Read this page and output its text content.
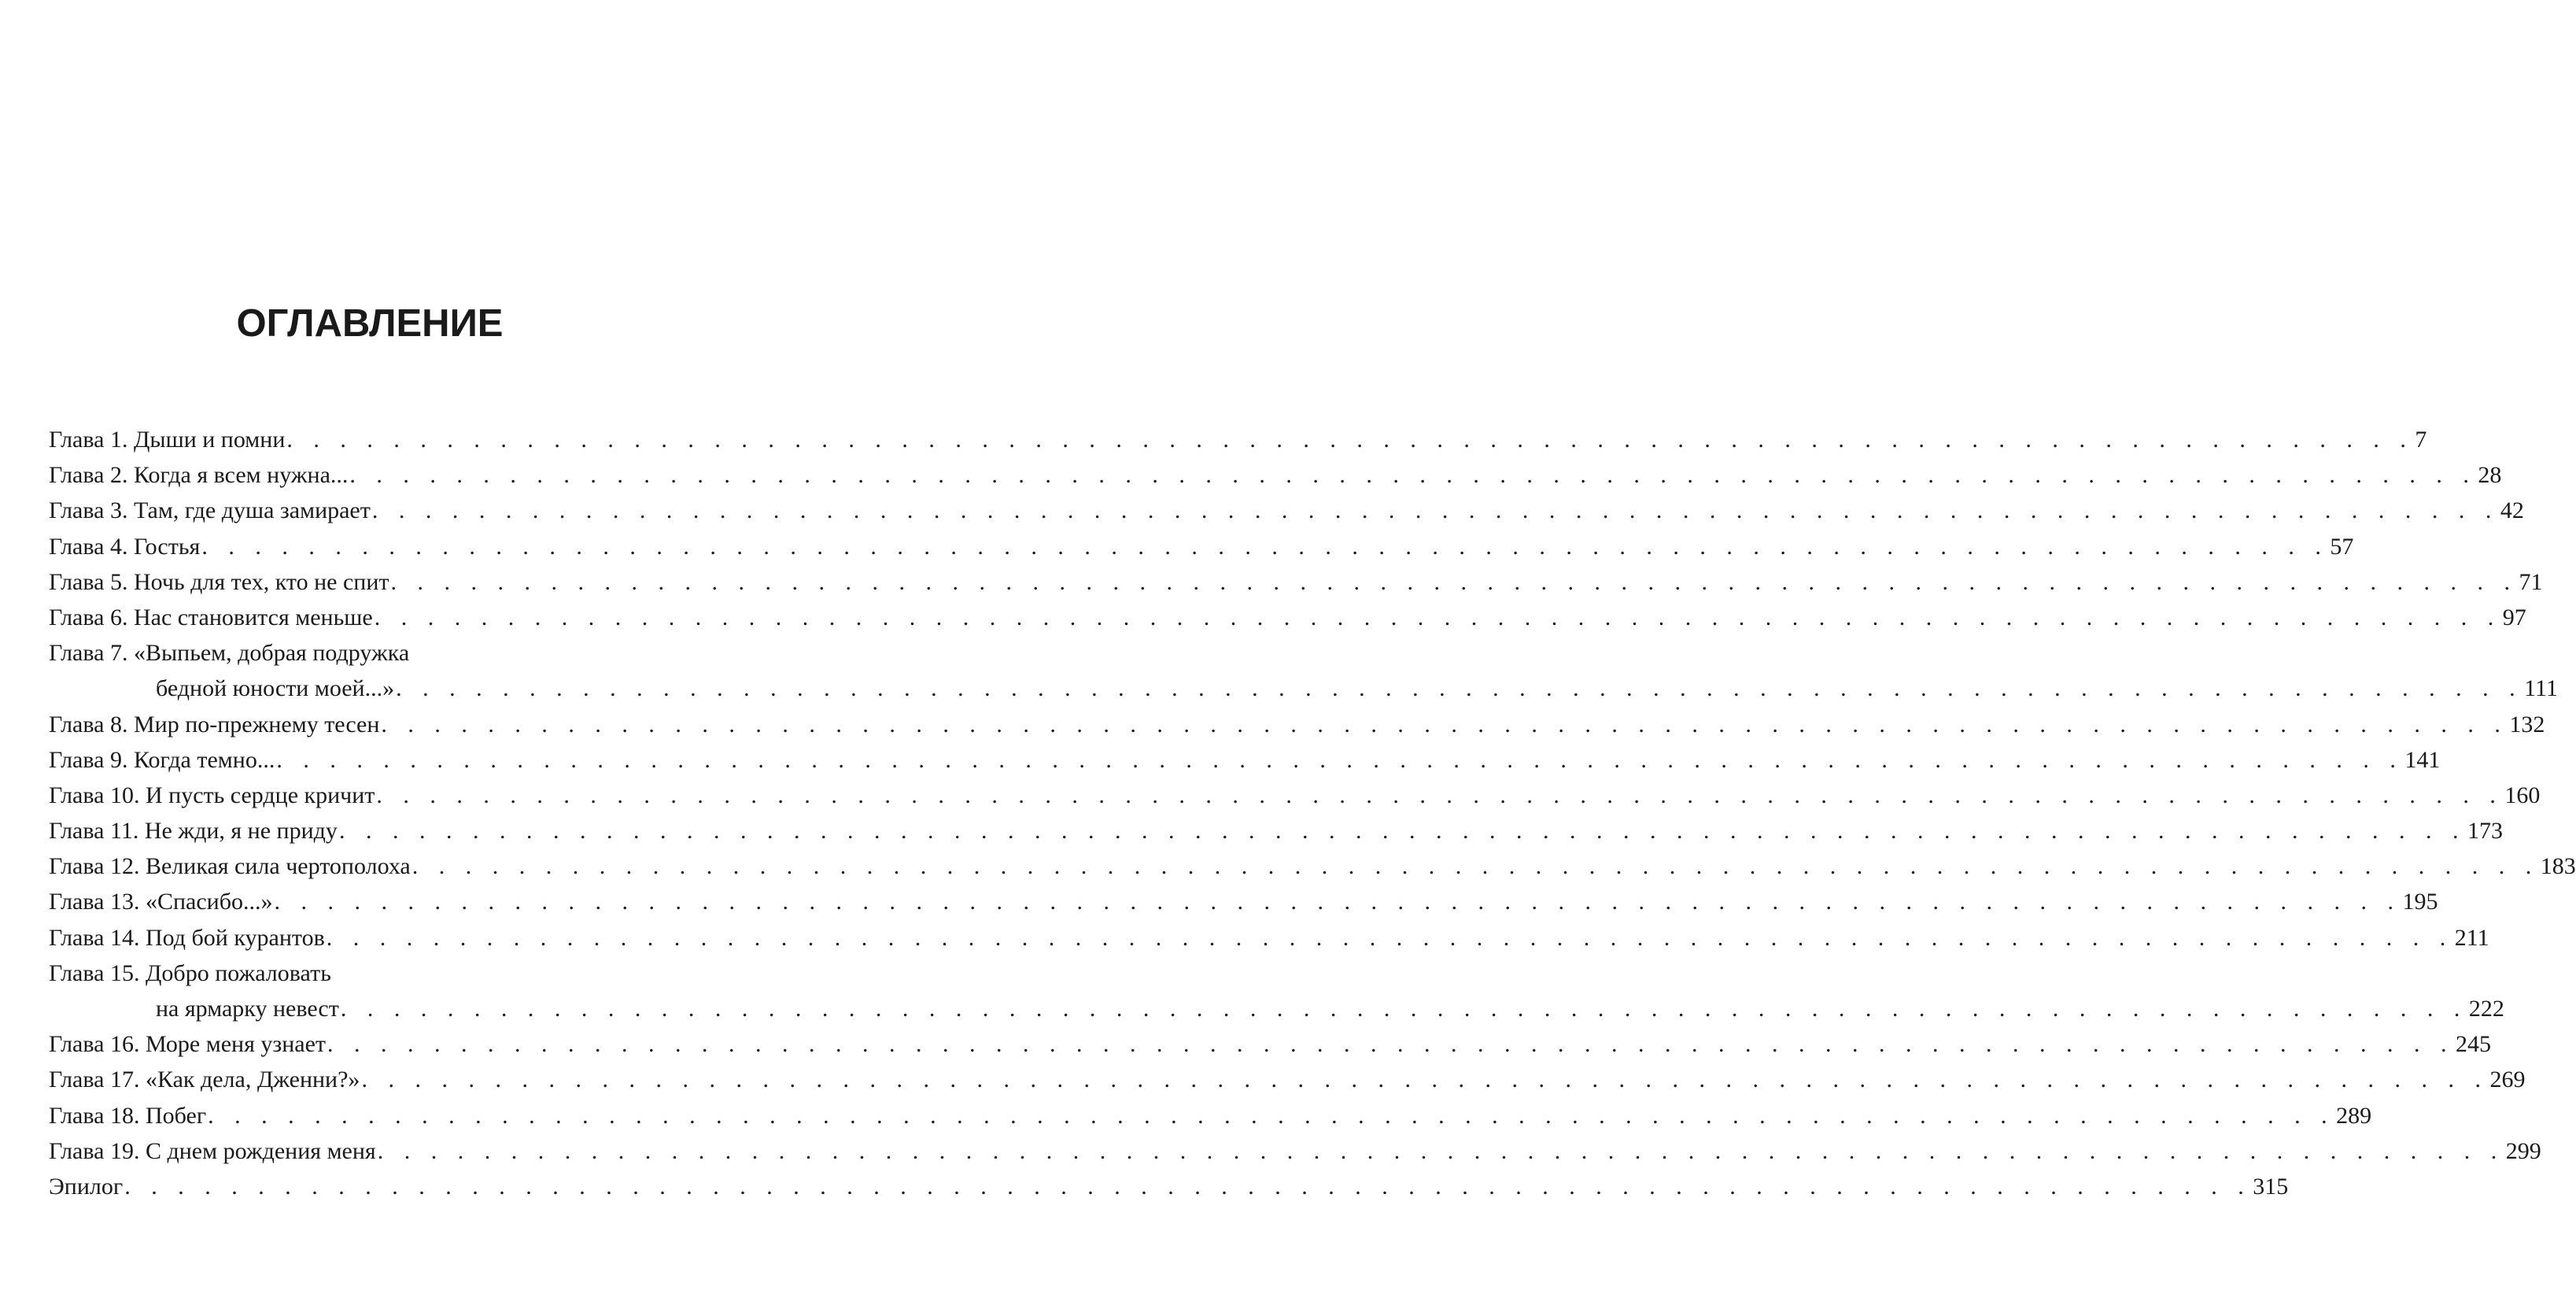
ОГЛАВЛЕНИЕ
Глава 1. Дыши и помни . . . . . . . . . . . . . . . . . . . . . . . . . . . . . . . . . . . . . . . . . . . . . . . . . . . . . . . . . . . . . . . . . . . . . . . . . . . . . . . . 7
Глава 2. Когда я всем нужна... . . . . . . . . . . . . . . . . . . . . . . . . . . . . . . . . . . . . . . . . . . . . . . . . . . . . . . . . . . . . . . . . . . . . . . . . . . . . . . . . 28
Глава 3. Там, где душа замирает . . . . . . . . . . . . . . . . . . . . . . . . . . . . . . . . . . . . . . . . . . . . . . . . . . . . . . . . . . . . . . . . . . . . . . . . . . . . . . . . 42
Глава 4. Гостья . . . . . . . . . . . . . . . . . . . . . . . . . . . . . . . . . . . . . . . . . . . . . . . . . . . . . . . . . . . . . . . . . . . . . . . . . . . . . . . . 57
Глава 5. Ночь для тех, кто не спит . . . . . . . . . . . . . . . . . . . . . . . . . . . . . . . . . . . . . . . . . . . . . . . . . . . . . . . . . . . . . . . . . . . . . . . . . . . . . . . . 71
Глава 6. Нас становится меньше . . . . . . . . . . . . . . . . . . . . . . . . . . . . . . . . . . . . . . . . . . . . . . . . . . . . . . . . . . . . . . . . . . . . . . . . . . . . . . . . 97
Глава 7. «Выпьем, добрая подружка
бедной юности моей...» . . . . . . . . . . . . . . . . . . . . . . . . . . . . . . . . . . . . . . . . . . . . . . . . . . . . . . . . . . . . . . . . . . . . . . . . . . . . . . . . 111
Глава 8. Мир по-прежнему тесен . . . . . . . . . . . . . . . . . . . . . . . . . . . . . . . . . . . . . . . . . . . . . . . . . . . . . . . . . . . . . . . . . . . . . . . . . . . . . . . . 132
Глава 9. Когда темно... . . . . . . . . . . . . . . . . . . . . . . . . . . . . . . . . . . . . . . . . . . . . . . . . . . . . . . . . . . . . . . . . . . . . . . . . . . . . . . . . 141
Глава 10. И пусть сердце кричит . . . . . . . . . . . . . . . . . . . . . . . . . . . . . . . . . . . . . . . . . . . . . . . . . . . . . . . . . . . . . . . . . . . . . . . . . . . . . . . . 160
Глава 11. Не жди, я не приду . . . . . . . . . . . . . . . . . . . . . . . . . . . . . . . . . . . . . . . . . . . . . . . . . . . . . . . . . . . . . . . . . . . . . . . . . . . . . . . . 173
Глава 12. Великая сила чертополоха . . . . . . . . . . . . . . . . . . . . . . . . . . . . . . . . . . . . . . . . . . . . . . . . . . . . . . . . . . . . . . . . . . . . . . . . . . . . . . . . 183
Глава 13. «Спасибо...» . . . . . . . . . . . . . . . . . . . . . . . . . . . . . . . . . . . . . . . . . . . . . . . . . . . . . . . . . . . . . . . . . . . . . . . . . . . . . . . . 195
Глава 14. Под бой курантов . . . . . . . . . . . . . . . . . . . . . . . . . . . . . . . . . . . . . . . . . . . . . . . . . . . . . . . . . . . . . . . . . . . . . . . . . . . . . . . . 211
Глава 15. Добро пожаловать
на ярмарку невест . . . . . . . . . . . . . . . . . . . . . . . . . . . . . . . . . . . . . . . . . . . . . . . . . . . . . . . . . . . . . . . . . . . . . . . . . . . . . . . . 222
Глава 16. Море меня узнает . . . . . . . . . . . . . . . . . . . . . . . . . . . . . . . . . . . . . . . . . . . . . . . . . . . . . . . . . . . . . . . . . . . . . . . . . . . . . . . . 245
Глава 17. «Как дела, Дженни?» . . . . . . . . . . . . . . . . . . . . . . . . . . . . . . . . . . . . . . . . . . . . . . . . . . . . . . . . . . . . . . . . . . . . . . . . . . . . . . . . 269
Глава 18. Побег . . . . . . . . . . . . . . . . . . . . . . . . . . . . . . . . . . . . . . . . . . . . . . . . . . . . . . . . . . . . . . . . . . . . . . . . . . . . . . . . 289
Глава 19. С днем рождения меня . . . . . . . . . . . . . . . . . . . . . . . . . . . . . . . . . . . . . . . . . . . . . . . . . . . . . . . . . . . . . . . . . . . . . . . . . . . . . . . . 299
Эпилог . . . . . . . . . . . . . . . . . . . . . . . . . . . . . . . . . . . . . . . . . . . . . . . . . . . . . . . . . . . . . . . . . . . . . . . . . . . . . . . . 315
